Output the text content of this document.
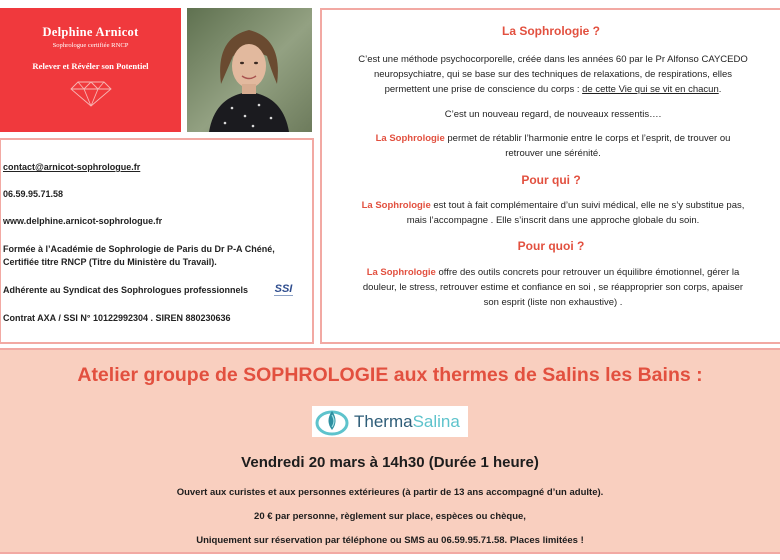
Delphine Arnicot
Sophrologue certifiée RNCP
Relever et Révéler son Potentiel

contact@arnicot-sophrologue.fr

06.59.95.71.58

www.delphine.arnicot-sophrologue.fr

Formée à l’Académie de Sophrologie de Paris du Dr P-A Chéné,

Certifiée titre RNCP (Titre du Ministère du Travail).

Adhérente au Syndicat des Sophrologues professionnels

Contrat AXA / SSI N° 10122992304 . SIREN 880230636

SSI
La Sophrologie ?
C’est une méthode psychocorporelle, créée dans les années 60 par le Pr Alfonso CAYCEDO
neuropsychiatre, qui se base sur des techniques de relaxations, de respirations, elles
permettent une prise de conscience du corps : de cette Vie qui se vit en chacun.
C’est un nouveau regard, de nouveaux ressentis….
La Sophrologie permet de rétablir l’harmonie entre le corps et l’esprit, de trouver ou
retrouver une sérénité.
Pour qui ?
La Sophrologie est tout à fait complémentaire d’un suivi médical, elle ne s’y substitue pas,
mais l’accompagne . Elle s’inscrit dans une approche globale du soin.
Pour quoi ?
La Sophrologie offre des outils concrets pour retrouver un équilibre émotionnel, gérer la
douleur, le stress, retrouver estime et confiance en soi , se réapproprier son corps, apaiser
son esprit (liste non exhaustive) .
Atelier groupe de SOPHROLOGIE aux thermes de Salins les Bains :
Vendredi 20 mars à 14h30 (Durée 1 heure)
Ouvert aux curistes et aux personnes extérieures (à partir de 13 ans accompagné d’un adulte).
20 € par personne, règlement sur place, espèces ou chèque,
Uniquement sur réservation par téléphone ou SMS au 06.59.95.71.58. Places limitées !
ThermaSalina
